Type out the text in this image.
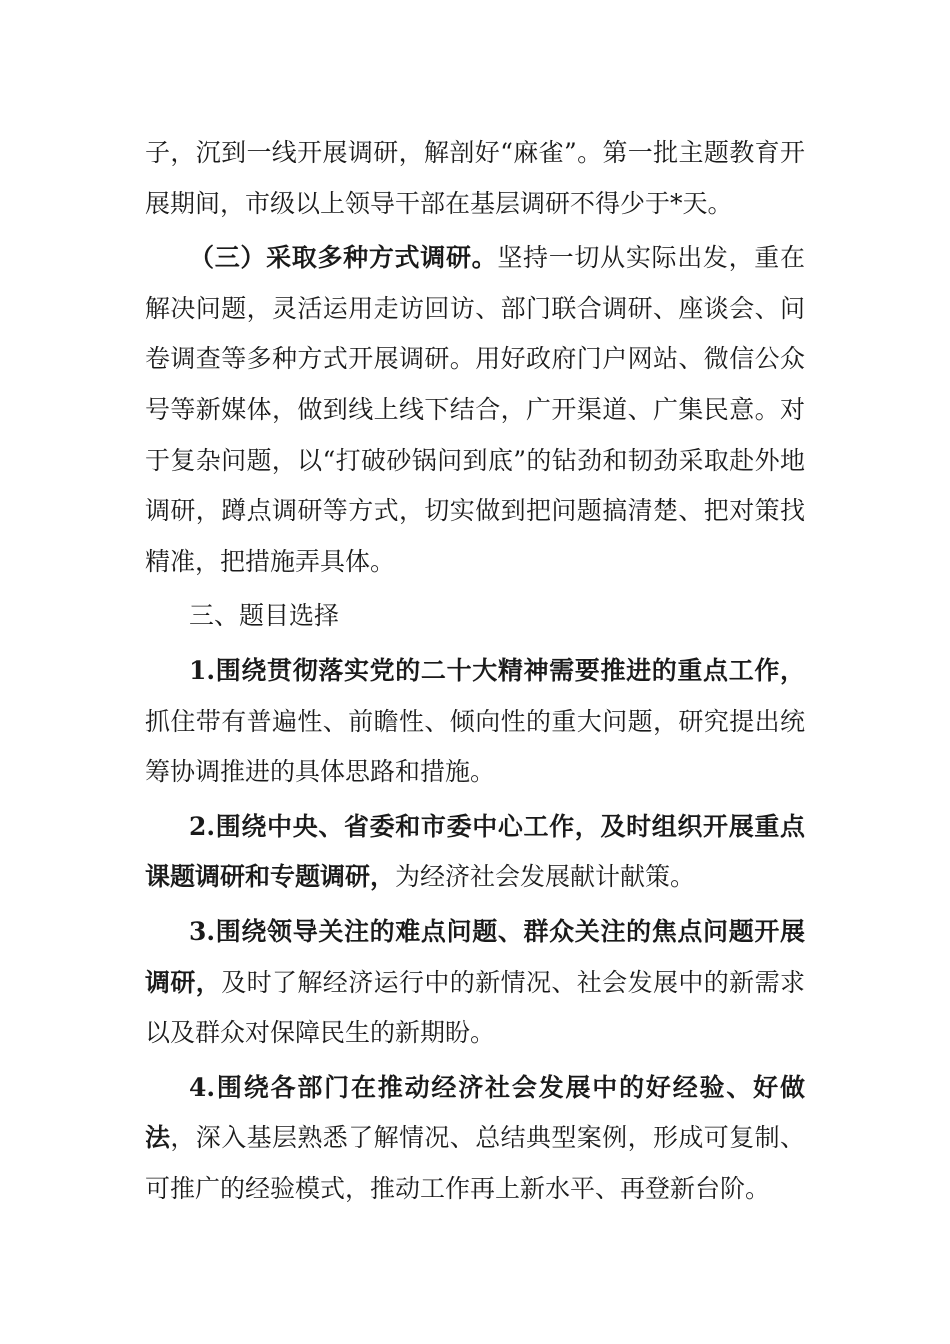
子，沉到一线开展调研，解剖好“麻雀”。第一批主题教育开展期间，市级以上领导干部在基层调研不得少于*天。

（三）采取多种方式调研。坚持一切从实际出发，重在解决问题，灵活运用走访回访、部门联合调研、座谈会、问卷调查等多种方式开展调研。用好政府门户网站、微信公众号等新媒体，做到线上线下结合，广开渠道、广集民意。对于复杂问题，以“打破砂锅问到底”的钻劲和韧劲采取赴外地调研，蹲点调研等方式，切实做到把问题搞清楚、把对策找精准，把措施弄具体。

三、题目选择

1.围绕贯彻落实党的二十大精神需要推进的重点工作，抓住带有普遍性、前瞻性、倾向性的重大问题，研究提出统筹协调推进的具体思路和措施。

2.围绕中央、省委和市委中心工作，及时组织开展重点课题调研和专题调研，为经济社会发展献计献策。

3.围绕领导关注的难点问题、群众关注的焦点问题开展调研，及时了解经济运行中的新情况、社会发展中的新需求以及群众对保障民生的新期盼。

4.围绕各部门在推动经济社会发展中的好经验、好做法，深入基层熟悉了解情况、总结典型案例，形成可复制、可推广的经验模式，推动工作再上新水平、再登新台阶。
